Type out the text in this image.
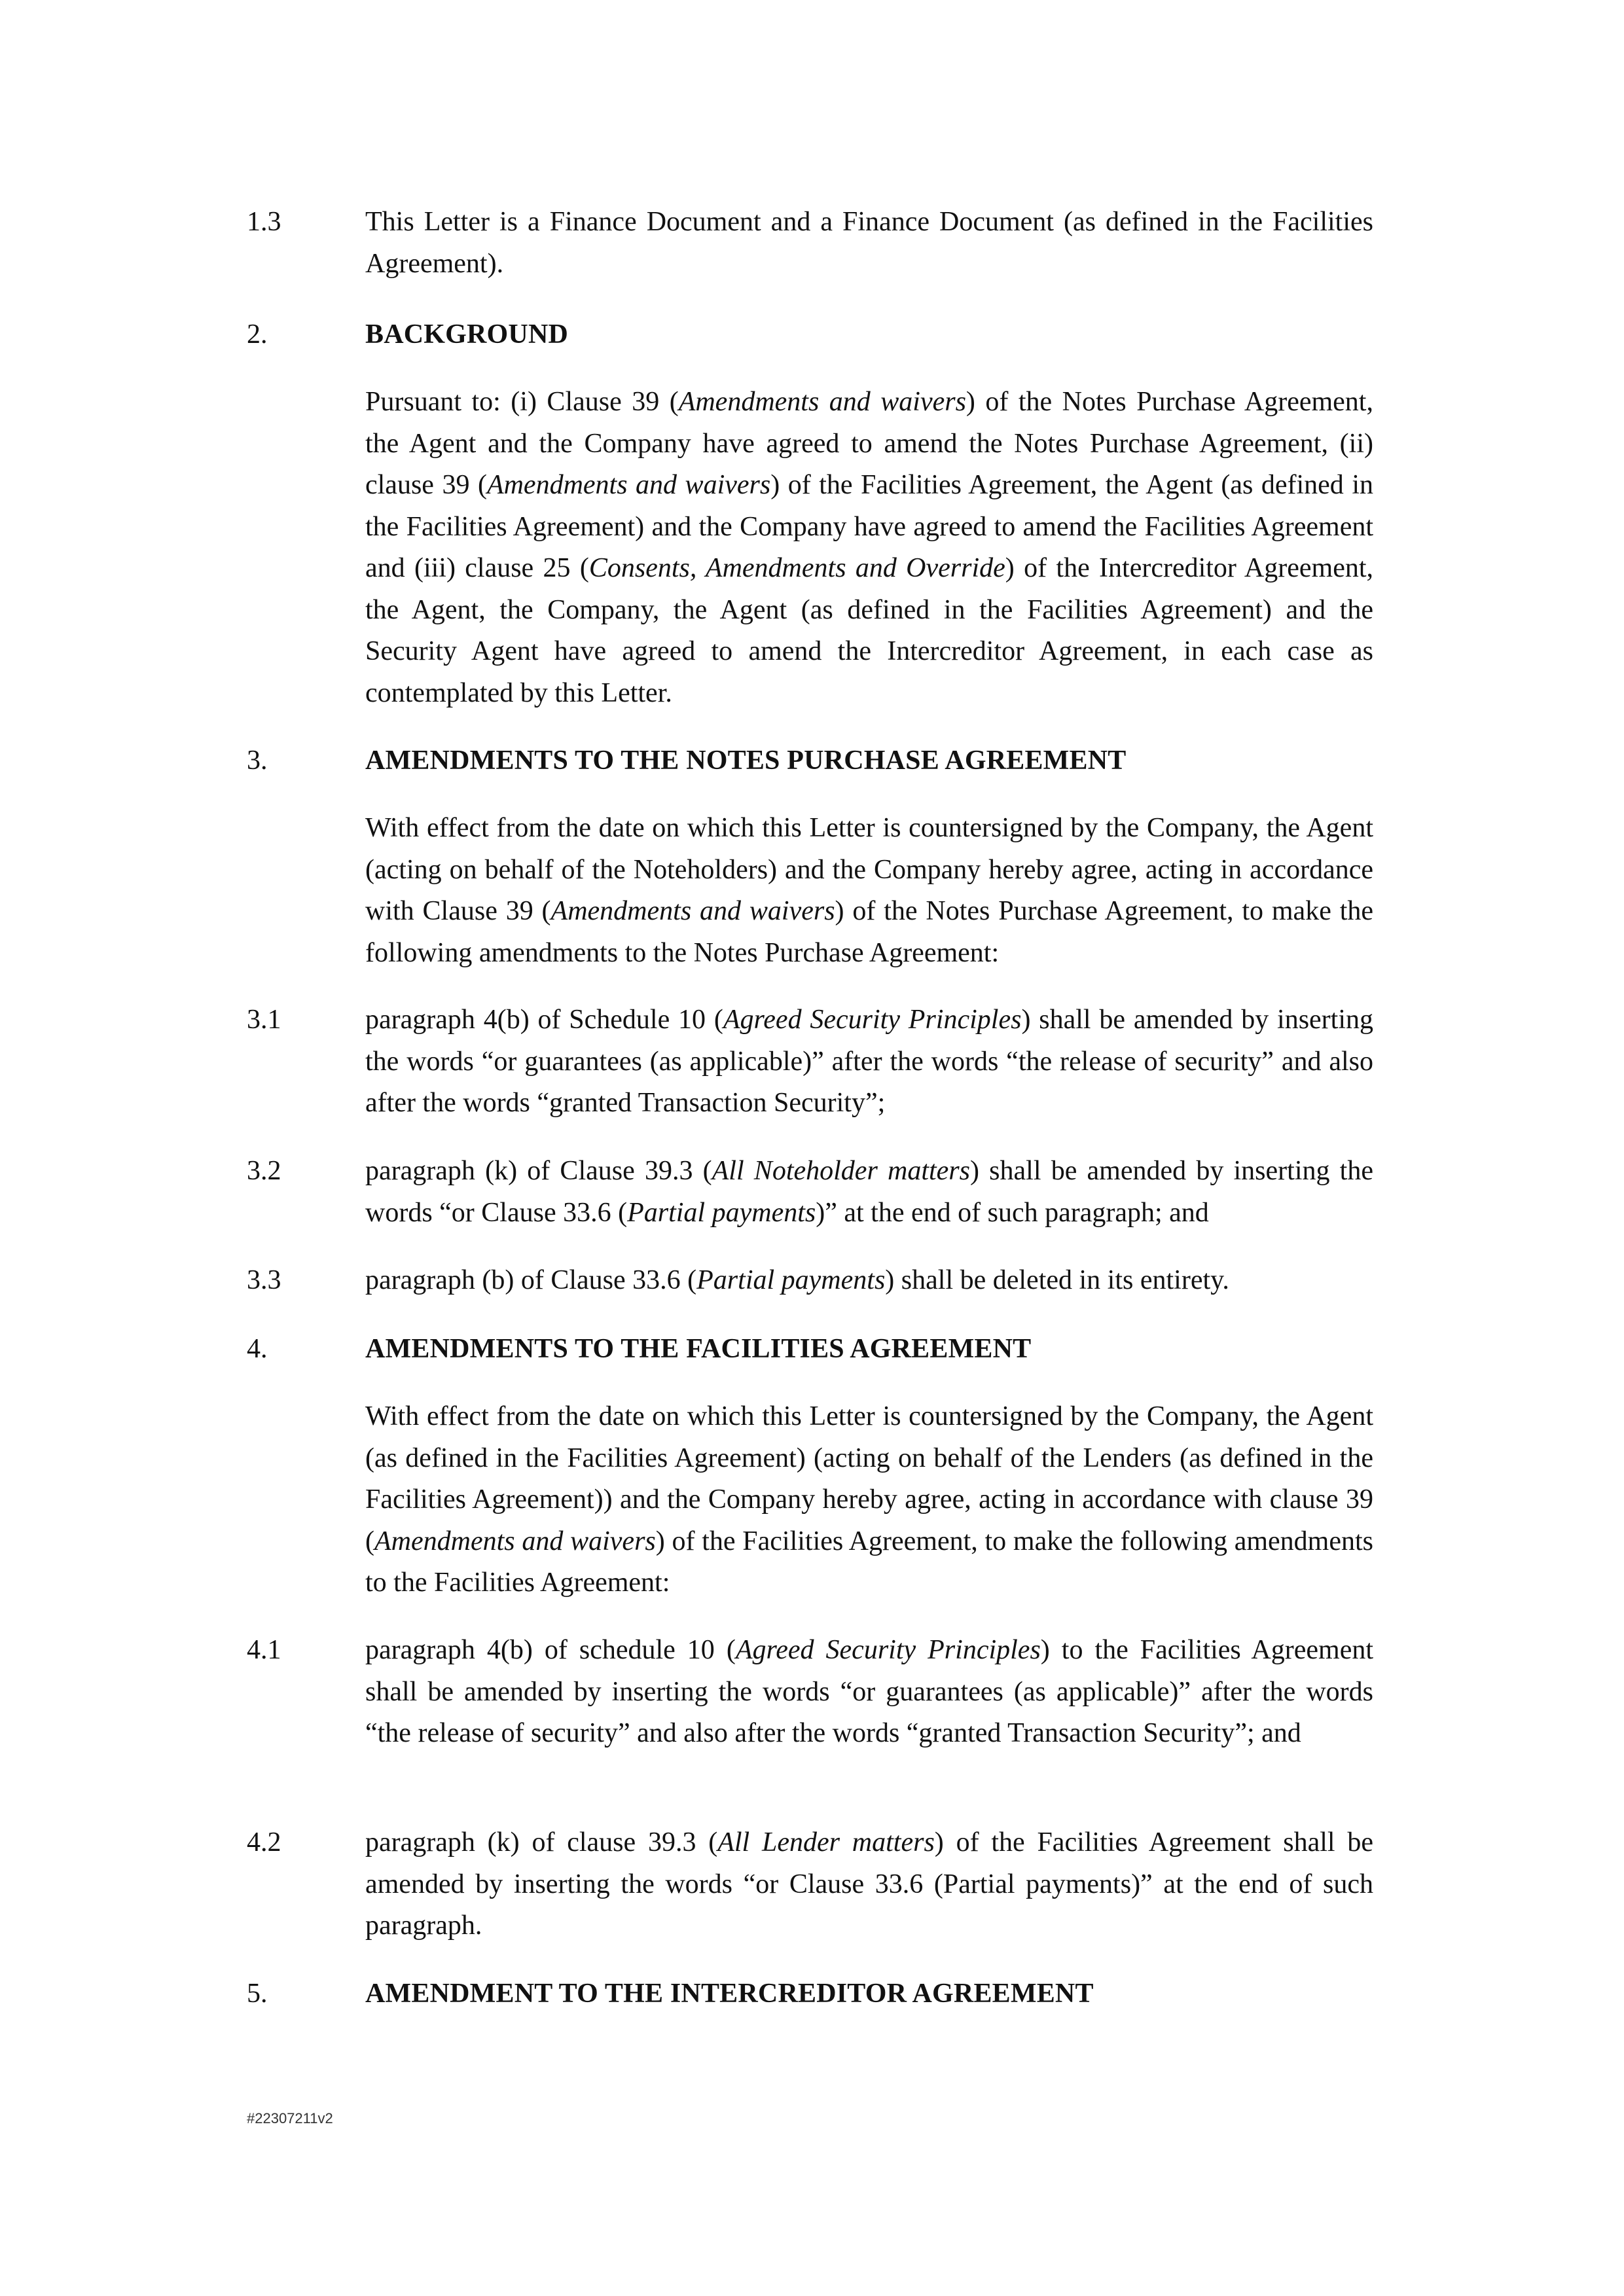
1.3	This Letter is a Finance Document and a Finance Document (as defined in the Facilities Agreement).
2.	BACKGROUND
Pursuant to: (i) Clause 39 (Amendments and waivers) of the Notes Purchase Agreement, the Agent and the Company have agreed to amend the Notes Purchase Agreement, (ii) clause 39 (Amendments and waivers) of the Facilities Agreement, the Agent (as defined in the Facilities Agreement) and the Company have agreed to amend the Facilities Agreement and (iii) clause 25 (Consents, Amendments and Override) of the Intercreditor Agreement, the Agent, the Company, the Agent (as defined in the Facilities Agreement) and the Security Agent have agreed to amend the Intercreditor Agreement, in each case as contemplated by this Letter.
3.	AMENDMENTS TO THE NOTES PURCHASE AGREEMENT
With effect from the date on which this Letter is countersigned by the Company, the Agent (acting on behalf of the Noteholders) and the Company hereby agree, acting in accordance with Clause 39 (Amendments and waivers) of the Notes Purchase Agreement, to make the following amendments to the Notes Purchase Agreement:
3.1	paragraph 4(b) of Schedule 10 (Agreed Security Principles) shall be amended by inserting the words “or guarantees (as applicable)” after the words “the release of security” and also after the words “granted Transaction Security”;
3.2	paragraph (k) of Clause 39.3 (All Noteholder matters) shall be amended by inserting the words “or Clause 33.6 (Partial payments)” at the end of such paragraph; and
3.3	paragraph (b) of Clause 33.6 (Partial payments) shall be deleted in its entirety.
4.	AMENDMENTS TO THE FACILITIES AGREEMENT
With effect from the date on which this Letter is countersigned by the Company, the Agent (as defined in the Facilities Agreement) (acting on behalf of the Lenders (as defined in the Facilities Agreement)) and the Company hereby agree, acting in accordance with clause 39 (Amendments and waivers) of the Facilities Agreement, to make the following amendments to the Facilities Agreement:
4.1	paragraph 4(b) of schedule 10 (Agreed Security Principles) to the Facilities Agreement shall be amended by inserting the words “or guarantees (as applicable)” after the words “the release of security” and also after the words “granted Transaction Security”; and
4.2	paragraph (k) of clause 39.3 (All Lender matters) of the Facilities Agreement shall be amended by inserting the words “or Clause 33.6 (Partial payments)” at the end of such paragraph.
5.	AMENDMENT TO THE INTERCREDITOR AGREEMENT
#22307211v2
